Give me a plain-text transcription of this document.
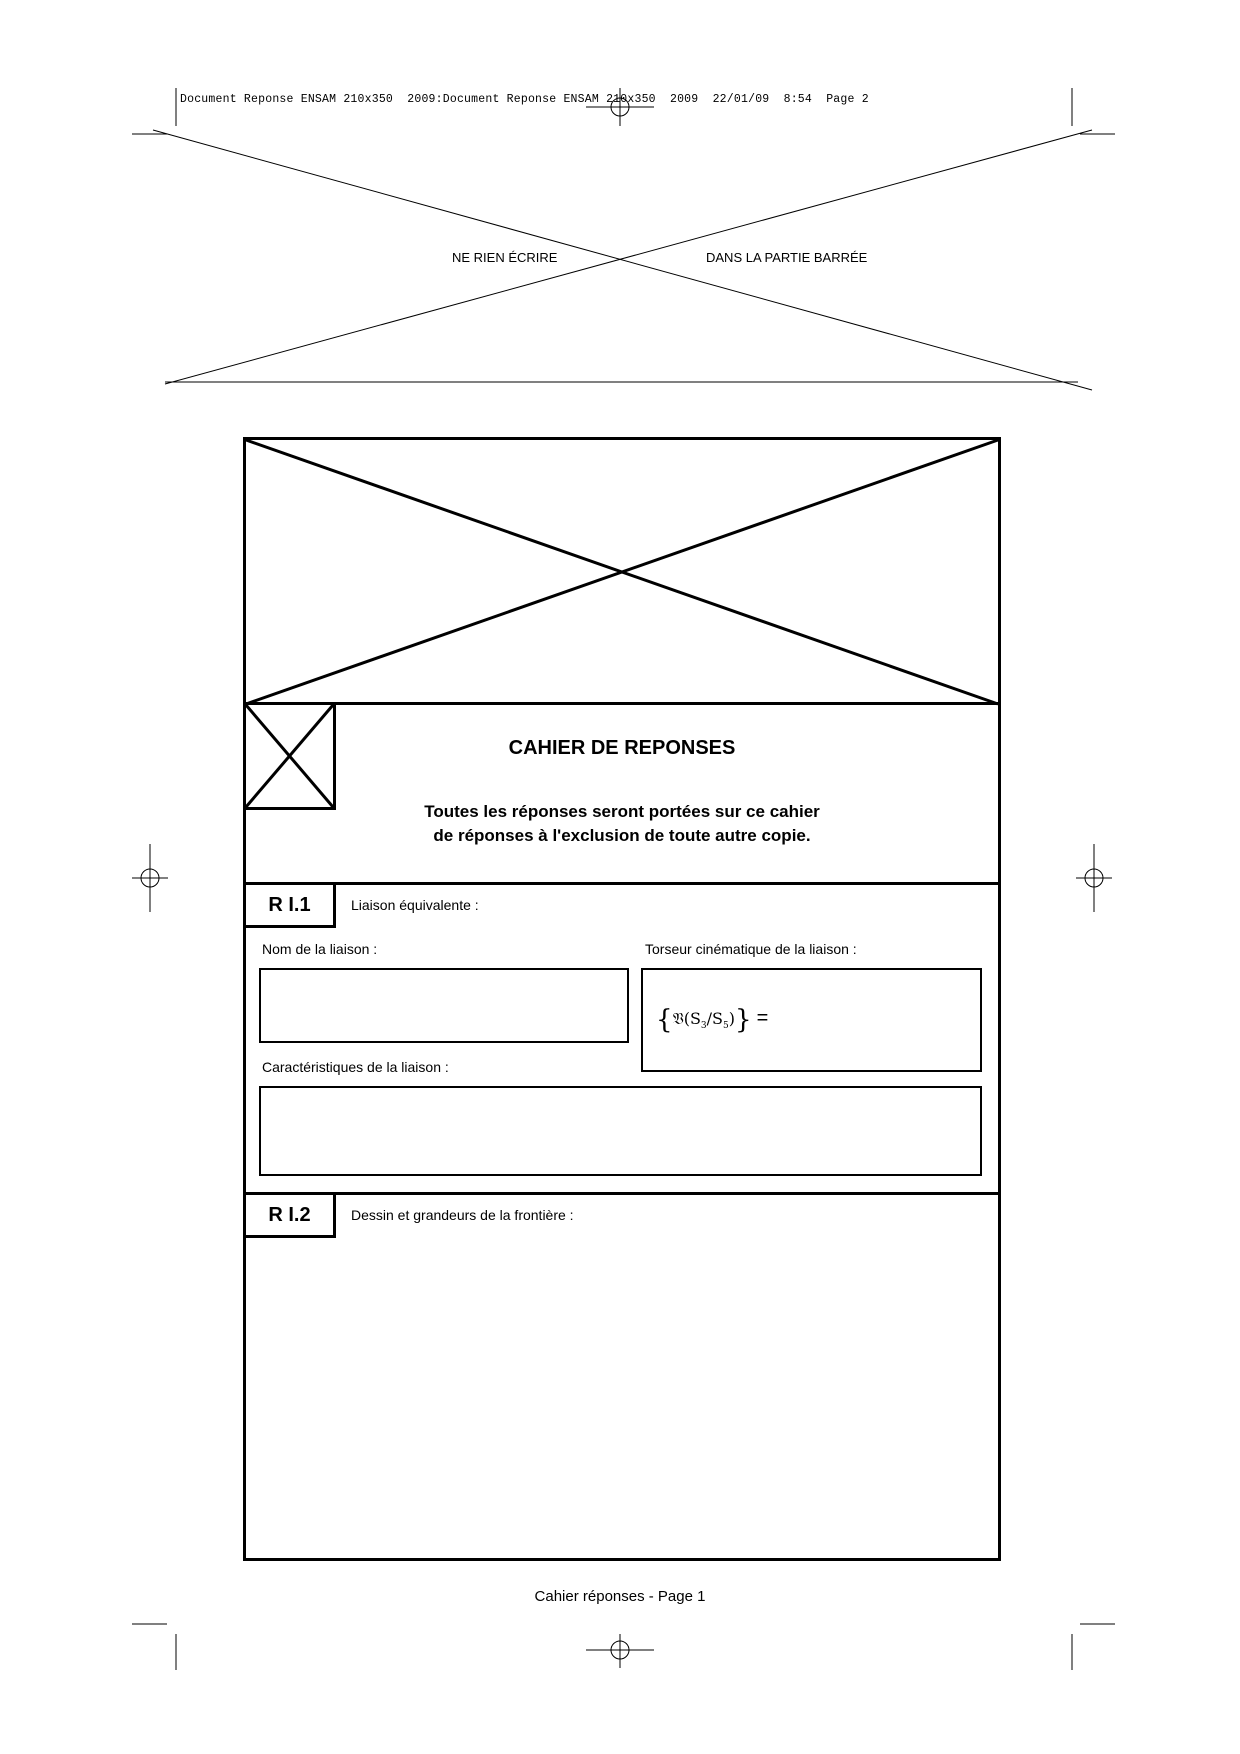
Document Reponse ENSAM 210x350  2009:Document Reponse ENSAM 210x350  2009  22/01/09  8:54  Page 2
NE RIEN ÉCRIRE	DANS LA PARTIE BARRÉE
CAHIER DE REPONSES
Toutes les réponses seront portées sur ce cahier
de réponses à l'exclusion de toute autre copie.
R I.1	Liaison équivalente :
Nom de la liaison :	Torseur cinématique de la liaison :
$\{𝔙(S_3/S_5)\}$ =
Caractéristiques de la liaison :
R I.2	Dessin et grandeurs de la frontière :
Cahier réponses - Page 1
